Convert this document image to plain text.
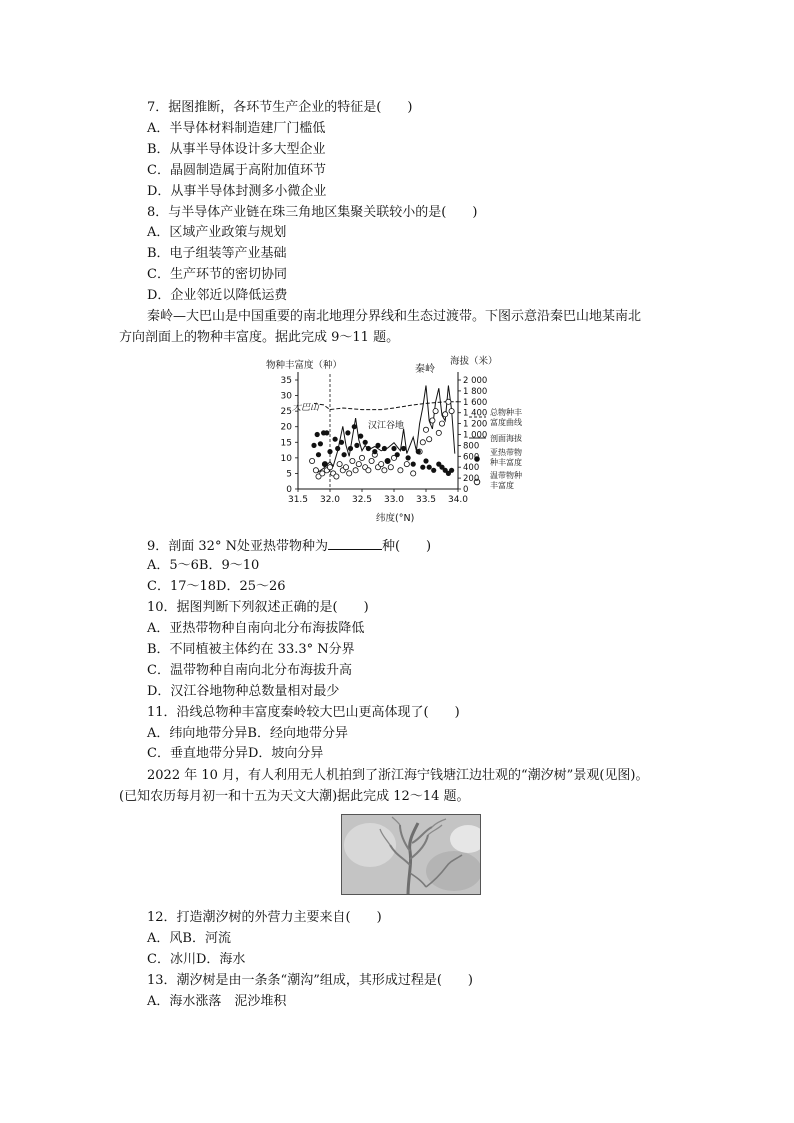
7．据图推断，各环节生产企业的特征是(　　)
A．半导体材料制造建厂门槛低
B．从事半导体设计多大型企业
C．晶圆制造属于高附加值环节
D．从事半导体封测多小微企业
8．与半导体产业链在珠三角地区集聚关联较小的是(　　)
A．区域产业政策与规划
B．电子组装等产业基础
C．生产环节的密切协同
D．企业邻近以降低运费
秦岭—大巴山是中国重要的南北地理分界线和生态过渡带。下图示意沿秦巴山地某南北
方向剖面上的物种丰富度。据此完成 9～11 题。
物种丰富度（种）	海拔（米）
纬度(°N)
大巴山
秦岭
汉江谷地
总物种丰
富度曲线
剖面海拔
亚热带物
种丰富度
温带物种
丰富度
0
5
10
15
20
25
30
35
0
200
400
600
800
1 000
1 200
1 400
1 600
1 800
2 000
31.5 32.0 32.5 33.0 33.5 34.0
9．剖面 32° N处亚热带物种为	种(　　)
A．5～6B．9～10
C．17～18D．25～26
10．据图判断下列叙述正确的是(　　)
A．亚热带物种自南向北分布海拔降低
B．不同植被主体约在 33.3° N分界
C．温带物种自南向北分布海拔升高
D．汉江谷地物种总数量相对最少
11．沿线总物种丰富度秦岭较大巴山更高体现了(　　)
A．纬向地带分异B．经向地带分异
C．垂直地带分异D．坡向分异
2022 年 10 月，有人利用无人机拍到了浙江海宁钱塘江边壮观的“潮汐树”景观(见图)。
(已知农历每月初一和十五为天文大潮)据此完成 12～14 题。
12．打造潮汐树的外营力主要来自(　　)
A．风B．河流
C．冰川D．海水
13．潮汐树是由一条条“潮沟”组成，其形成过程是(　　)
A．海水涨落　泥沙堆积
